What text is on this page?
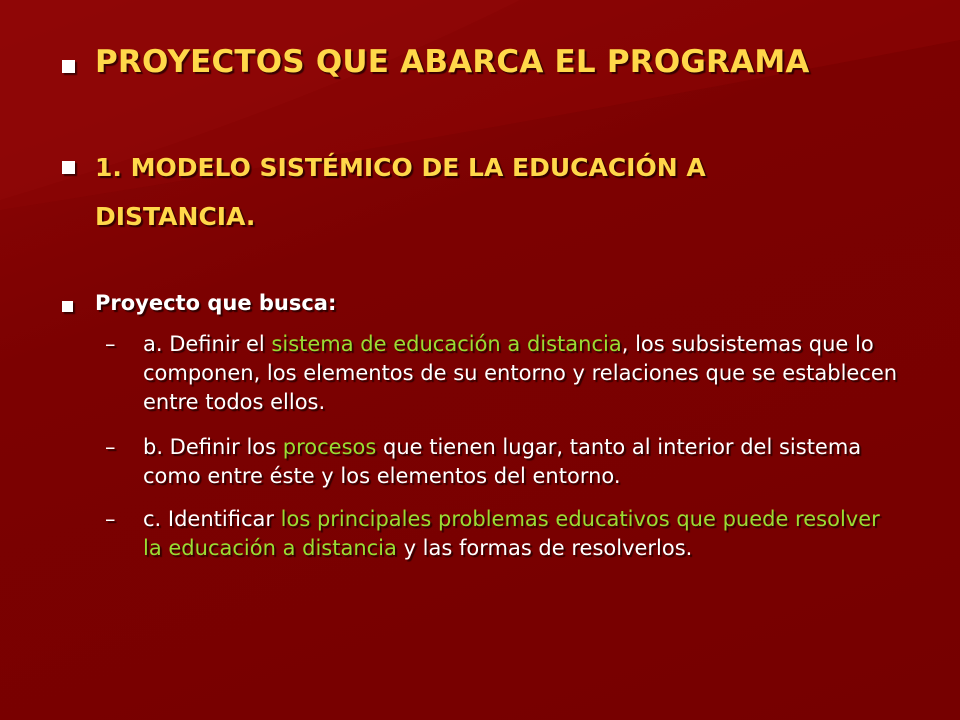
PROYECTOS QUE ABARCA EL PROGRAMA
1. MODELO SISTÉMICO DE LA EDUCACIÓN A DISTANCIA.
Proyecto que busca:
– a. Definir el sistema de educación a distancia, los subsistemas que lo componen, los elementos de su entorno y relaciones que se establecen entre todos ellos.
– b. Definir los procesos que tienen lugar, tanto al interior del sistema como entre éste y los elementos del entorno.
– c. Identificar los principales problemas educativos que puede resolver la educación a distancia y las formas de resolverlos.
